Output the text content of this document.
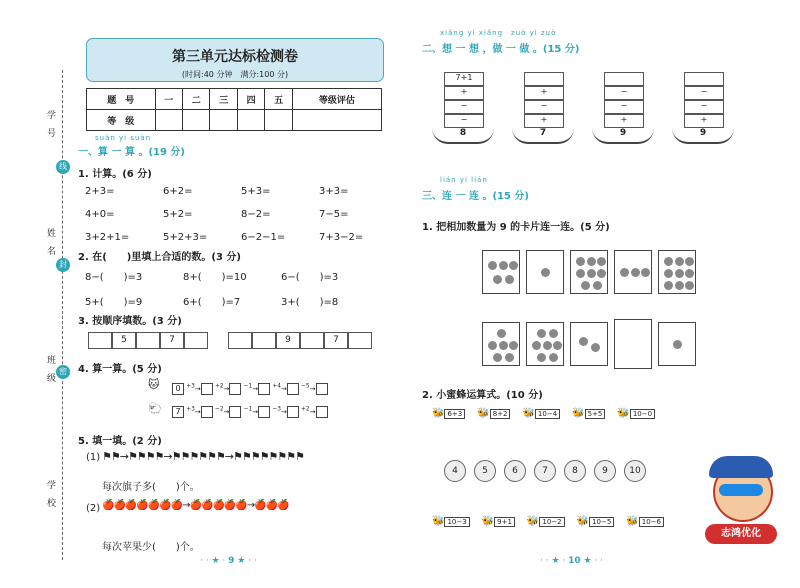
学　号
姓　名
班　级
学　校
线
封
密
第三单元达标检测卷
(时间:40 分钟　满分:100 分)
题　号	一	二	三	四	五	等级评估
等　级						
suàn yi suàn
一、算 一 算 。(19 分)
1. 计算。(6 分)
2+3=	6+2=	5+3=	3+3=
4+0=	5+2=	8−2=	7−5=
3+2+1=	5+2+3=	6−2−1=	7+3−2=
2. 在(　　)里填上合适的数。(3 分)
8−(　　)=3	8+(　　)=10	6−(　　)=3
5+(　　)=9	6+(　　)=7	3+(　　)=8
3. 按顺序填数。(3 分)
5	7	9	7
4. 算一算。(5 分)
🐱
🐑
0 $^{+3}$→ $^{+2}$→ $^{-1}$→ $^{+4}$→ $^{-5}$→
7 $^{+3}$→ $^{-2}$→ $^{-1}$→ $^{-3}$→ $^{+2}$→
5. 填一填。(2 分)
(1) ⚑⚑→⚑⚑⚑⚑→⚑⚑⚑⚑⚑⚑→⚑⚑⚑⚑⚑⚑⚑⚑
每次旗子多(　　)个。
(2) 🍎🍎🍎🍎🍎🍎🍎→🍎🍎🍎🍎🍎→🍎🍎🍎
每次苹果少(　　)个。
· · ★ · 9 ★ · ·
xiǎng yi xiǎng　zuò yi zuò
二、想 一 想 ，做 一 做 。(15 分)
7+1
+
−
−
8
+
−
+
7
−
−
+
9
−
−
+
9
lián yi lián
三、连 一 连 。(15 分)
1. 把相加数量为 9 的卡片连一连。(5 分)
2. 小蜜蜂运算式。(10 分)
🐝 6+3	🐝 8+2	🐝 10−4	🐝 5+5	🐝 10−0
4	5	6	7	8	9	10
🐝 10−3	🐝 9+1	🐝 10−2	🐝 10−5	🐝 10−6
· · ★ · 10 ★ · ·
志鸿优化
